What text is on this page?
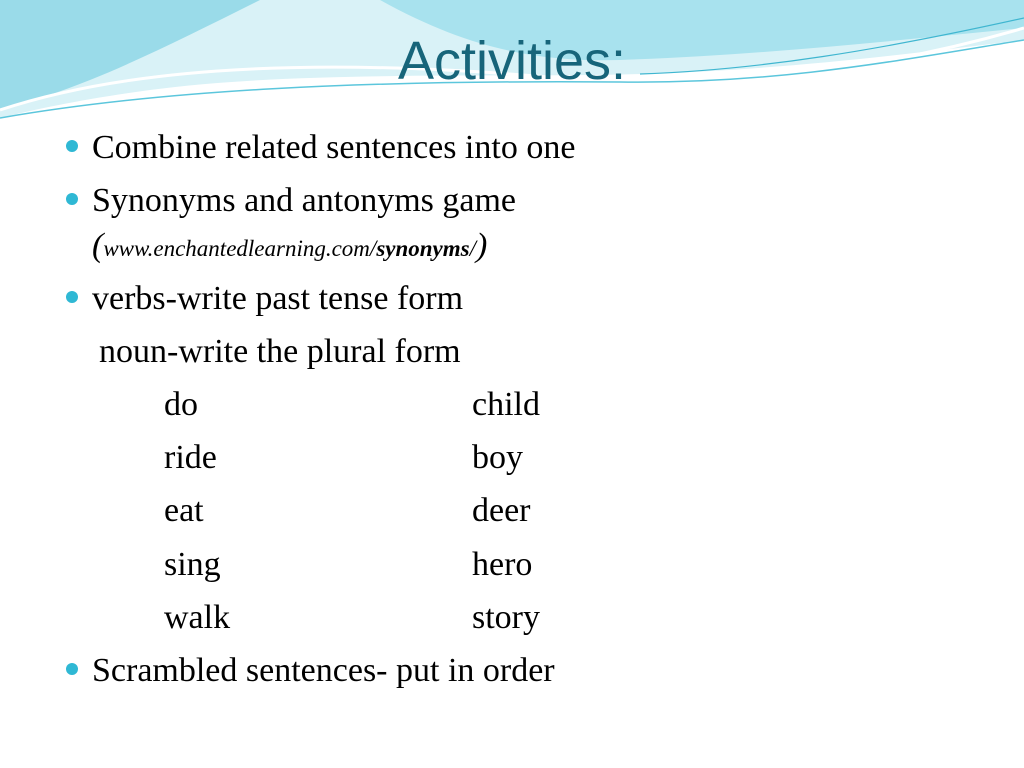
Activities:
Combine related sentences into one
Synonyms and antonyms game
(www.enchantedlearning.com/synonyms/)
verbs-write past tense form
noun-write the plural form
do	child
ride	boy
eat	deer
sing	hero
walk	story
Scrambled sentences- put in order
